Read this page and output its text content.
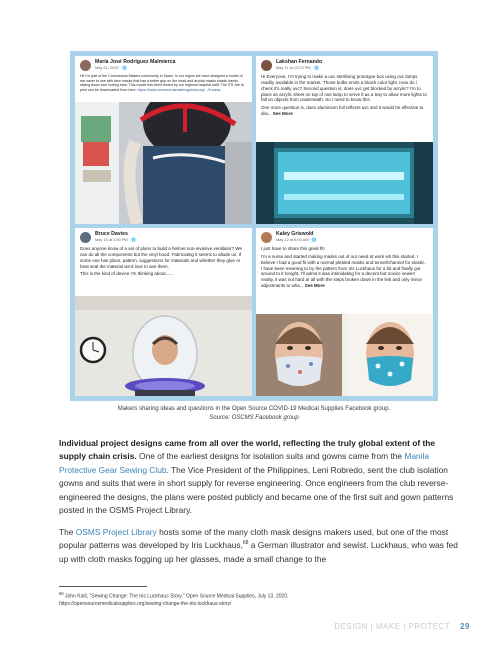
María José Rodríguez Malmierca
May 21, 2020 · 🌐
Hi! I'm part of the Coronavirus Makers community in Spain. In our region we have designed a model of ear saver to use with face masks that has a better grip on the head and avoids masks elastic bands sliding down and hurting ears. This model has been tested by our regional hospital staff. The STL file to print can be downloaded from here: https://www.coronavirusmakersgalicia.org/.../9-salva...
Lakshan Fernando
May 11 at 12:03 PM · 🌐

Hi Everyone, I'm trying to make a uvc sterilising prototype box using uvc lamps readily available in the market. Those bulbs emits a bluish color light. How do i check it's really uvc? Second question is, does uvc get blocked by acrylic? I'm to place an acrylic sheet on top of one lamp to serve it as a tray to allow more lights to fall on objects from underneath. So I need to know this.

One more question is, does aluminium foil reflects uvc and it would be effective to disi... See More

Bruce Davies
May 15 at 1:50 PM · 🌐

Does anyone know of a set of plans to build a helmet non-invasive ventilator? We can do all the components but the vinyl hood. Fabricating it seems to allude us. If some one has plans, pattern, suggestions for materials and whether they glue or heat seal the material we'd love to see them.

This is the kind of device I'm thinking about......

Kaley Griswold
May 12 at 8:00 AM · 🌐

I just have to share this great fit!

I'm a nurse and started making masks out of our need at work wh this started. I believe I had a good fit with a normal pleated masks and tunnel/channel for elastic. I have been meaning to try the pattern from Iris Luckhaus for a bit and finally got around to it tonight. I'll admit it was intimidating for a decent but novice sewer! reality, it was not hard at all with the steps broken down in the link and only minor adjustments to wha... See More

Makers sharing ideas and questions in the Open Source COVID-19 Medical Supplies Facebook group.
Source: OSCMS Facebook group

Individual project designs came from all over the world, reflecting the truly global extent of the supply chain crisis. One of the earliest designs for isolation suits and gowns came from the Manila Protective Gear Sewing Club. The Vice President of the Philippines, Leni Robredo, sent the club isolation gowns and suits that were in short supply for reverse engineering. Once engineers from the club reverse-engineered the designs, the plans were posted publicly and became one of the first suit and gown patterns posted in the OSMS Project Library.

The OSMS Project Library hosts some of the many cloth mask designs makers used, but one of the most popular patterns was developed by Iris Luckhaus,$^{68}$ a German illustrator and sewist. Luckhaus, who was fed up with cloth masks fogging up her glasses, made a small change to the

$^{68}$ John Kalil, "Sewing Change: The Iris Luckhaus Story," Open Source Medical Supplies, July 13, 2020,
https://opensourcemedicalsupplies.org/sewing-change-the-iris-luckhaus-story/
DESIGN | MAKE | PROTECT 29
